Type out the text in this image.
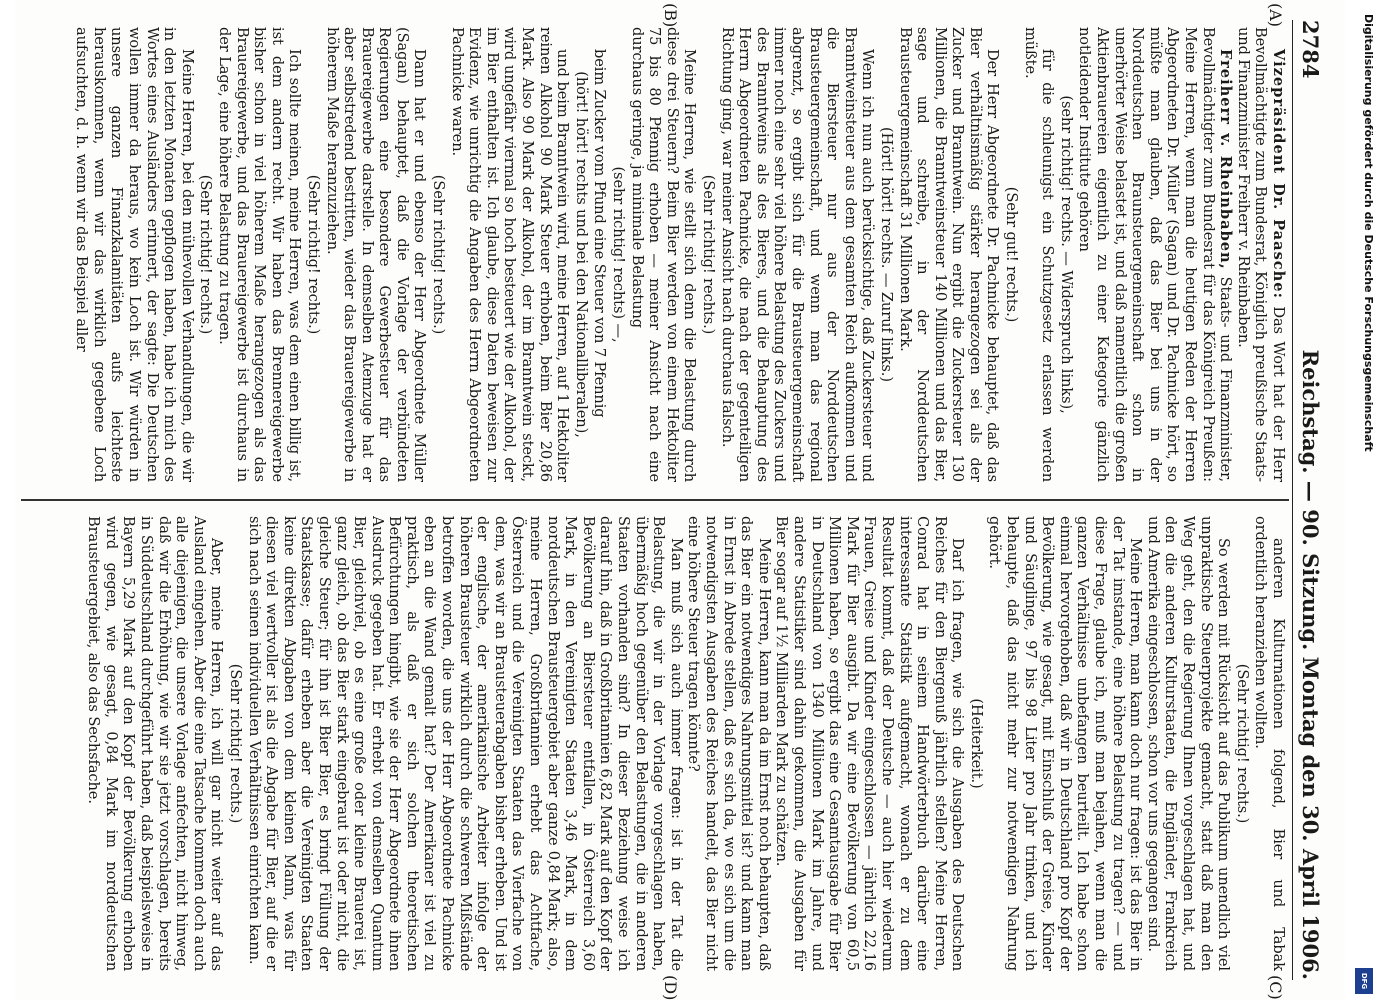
2784
Reichstag. — 90. Sitzung.
Montag den 30. April 1906.
(A)
(B)
(C)
(D)

Vizepräsident Dr. Paasche: Das Wort hat der Herr Bevollmächtigte zum Bundesrat, Königlich preußische Staats- und Finanzminister Freiherr v. Rheinbaben.

Freiherr v. Rheinbaben, Staats- und Finanzminister, Bevollmächtigter zum Bundesrat für das Königreich Preußen: Meine Herren, wenn man die heutigen Reden der Herren Abgeordneten Dr. Müller (Sagan) und Dr. Pachnicke hört, so müßte man glauben, daß das Bier bei uns in der Norddeutschen Braunsteuergemeinschaft schon in unerhörter Weise belastet ist, und daß namentlich die großen Aktienbrauereien eigentlich zu einer Kategorie gänzlich notleidender Institute gehören

(sehr richtig! rechts. — Widerspruch links),

für die schleunigst ein Schutzgesetz erlassen werden müßte.

(Sehr gut! rechts.)

Der Herr Abgeordnete Dr. Pachnicke behauptet, daß das Bier verhältnismäßig stärker herangezogen sei als der Zucker und Branntwein. Nun ergibt die Zuckersteuer 130 Millionen, die Branntweinsteuer 140 Millionen und das Bier, sage und schreibe, in der Norddeutschen Brausteuergemeinschaft 31 Millionen Mark.

(Hört! hört! rechts. — Zuruf links.)

Wenn ich nun auch berücksichtige, daß Zuckersteuer und Branntweinsteuer aus dem gesamten Reich aufkommen und die Biersteuer nur aus der Norddeutschen Brausteuergemeinschaft, und wenn man das regional abgrenzt, so ergibt sich für die Brausteuergemeinschaft immer noch eine sehr viel höhere Belastung des Zuckers und des Branntweins als des Bieres, und die Behauptung des Herrn Abgeordneten Pachnicke, die nach der gegenteiligen Richtung ging, war meiner Ansicht nach durchaus falsch.

(Sehr richtig! rechts.)

Meine Herren, wie stellt sich denn die Belastung durch diese drei Steuern? Beim Bier werden von einem Hektoliter 75 bis 80 Pfennig erhoben — meiner Ansicht nach eine durchaus geringe, ja minimale Belastung

(sehr richtig! rechts) —,

beim Zucker vom Pfund eine Steuer von 7 Pfennig

(hört! hört! rechts und bei den Nationalliberalen),

und beim Branntwein wird, meine Herren, auf 1 Hektoliter reinen Alkohol 90 Mark Steuer erhoben, beim Bier 20,86 Mark. Also 90 Mark der Alkohol, der im Branntwein steckt, wird ungefähr viermal so hoch besteuert wie der Alkohol, der im Bier enthalten ist. Ich glaube, diese Daten beweisen zur Evidenz, wie unrichtig die Angaben des Herrn Abgeordneten Pachnicke waren.

(Sehr richtig! rechts.)

Dann hat er und ebenso der Herr Abgeordnete Müller (Sagan) behauptet, daß die Vorlage der verbündeten Regierungen eine besondere Gewerbesteuer für das Brauereigewerbe darstelle. In demselben Atemzuge hat er aber selbstredend bestritten, wieder das Brauereigewerbe in höherem Maße heranzuziehen.

(Sehr richtig! rechts.)

Ich sollte meinen, meine Herren, was dem einen billig ist, ist dem andern recht. Wir haben das Brennereigewerbe bisher schon in viel höherem Maße herangezogen als das Brauereigewerbe, und das Brauereigewerbe ist durchaus in der Lage, eine höhere Belastung zu tragen.

(Sehr richtig! rechts.)

Meine Herren, bei den mühevollen Verhandlungen, die wir in den letzten Monaten gepflogen haben, habe ich mich des Wortes eines Ausländers erinnert, der sagte: Die Deutschen wollen immer da heraus, wo kein Loch ist. Wir würden in unsere ganzen Finanzkalamitäten aufs leichteste herauskommen, wenn wir das wirklich gegebene Loch aufsuchten, d. h. wenn wir das Beispiel aller

anderen Kulturnationen folgend, Bier und Tabak ordentlich heranziehen wollten.

(Sehr richtig! rechts.)

So werden mit Rücksicht auf das Publikum unendlich viel unpraktische Steuerprojekte gemacht, statt daß man den Weg geht, den die Regierung Ihnen vorgeschlagen hat, und den die anderen Kulturstaaten, die Engländer, Frankreich und Amerika eingeschlossen, schon vor uns gegangen sind.

Meine Herren, man kann doch nur fragen: ist das Bier in der Tat imstande, eine höhere Belastung zu tragen? — und diese Frage, glaube ich, muß man bejahen, wenn man die ganzen Verhältnisse unbefangen beurteilt. Ich habe schon einmal hervorgehoben, daß wir in Deutschland pro Kopf der Bevölkerung, wie gesagt, mit Einschluß der Greise, Kinder und Säuglinge, 97 bis 98 Liter pro Jahr trinken, und ich behaupte, daß das nicht mehr zur notwendigen Nahrung gehört.

(Heiterkeit.)

Darf ich fragen, wie sich die Ausgaben des Deutschen Reiches für den Biergenuß jährlich stellen? Meine Herren, Conrad hat in seinem Handwörterbuch darüber eine interessante Statistik aufgemacht, wonach er zu dem Resultat kommt, daß der Deutsche — auch hier wiederum Frauen, Greise und Kinder eingeschlossen — jährlich 22,16 Mark für Bier ausgibt. Da wir eine Bevölkerung von 60,5 Millionen haben, so ergibt das eine Gesamtausgabe für Bier in Deutschland von 1340 Millionen Mark im Jahre, und andere Statistiker sind dahin gekommen, die Ausgaben für Bier sogar auf 1½ Milliarden Mark zu schätzen.

Meine Herren, kann man da im Ernst noch behaupten, daß das Bier ein notwendiges Nahrungsmittel ist? und kann man in Ernst in Abrede stellen, daß es sich da, wo es sich um die notwendigsten Ausgaben des Reiches handelt, das Bier nicht eine höhere Steuer tragen könnte?

Man muß sich auch immer fragen: ist in der Tat die Belastung, die wir in der Vorlage vorgeschlagen haben, übermäßig hoch gegenüber den Belastungen, die in anderen Staaten vorhanden sind? In dieser Beziehung weise ich darauf hin, daß in Großbritannien 6,82 Mark auf den Kopf der Bevölkerung an Biersteuer entfallen, in Österreich 3,60 Mark, in den Vereinigten Staaten 3,46 Mark, in dem norddeutschen Brausteuergebiet aber ganze 0,84 Mark; also, meine Herren, Großbritannien erhebt das Achtfache, Österreich und die Vereinigten Staaten das Vierfache von dem, was wir an Brausteuerabgaben bisher erheben. Und ist der englische, der amerikanische Arbeiter infolge der höheren Brausteuer wirklich durch die schweren Mißstände betroffen worden, die uns der Herr Abgeordnete Pachnicke eben an die Wand gemalt hat? Der Amerikaner ist viel zu praktisch, als daß er sich solchen theoretischen Befürchtungen hingibt, wie sie der Herr Abgeordnete ihnen Ausdruck gegeben hat. Er erhebt von demselben Quantum Bier, gleichviel, ob es eine große oder kleine Brauerei ist, ganz gleich, ob das Bier stark eingebraut ist oder nicht, die gleiche Steuer; für ihn ist Bier Bier, es bringt Füllung der Staatskasse; dafür erheben aber die Vereinigten Staaten keine direkten Abgaben von dem kleinen Mann, was für diesen viel wertvoller ist als die Abgabe für Bier, auf die er sich nach seinen individuellen Verhältnissen einrichten kann.

(Sehr richtig! rechts.)

Aber, meine Herren, ich will gar nicht weiter auf das Ausland eingehen. Aber die eine Tatsache kommen doch auch alle diejenigen, die unsere Vorlage anfechten, nicht hinweg, daß wir die Erhöhung, wie wir sie jetzt vorschlagen, bereits in Süddeutschland durchgeführt haben, daß beispielsweise in Bayern 5,29 Mark auf den Kopf der Bevölkerung erhoben wird gegen, wie gesagt, 0,84 Mark im norddeutschen Brausteuergebiet, also das Sechsfache.

Digitalisierung gefördert durch die Deutsche Forschungsgemeinschaft
DFG
